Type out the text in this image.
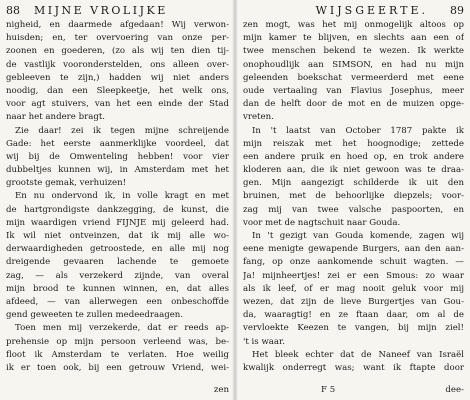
88	MIJNE VROLIJKE
nigheid, en daarmede afgedaan! Wij verwon-
huisden; en, ter overvoering van onze per-
zoonen en goederen, (zo als wij ten dien tij-
de vastlijk vooronderstelden, ons alleen over-
gebleeven te zijn,) hadden wij niet anders
noodig, dan een Sleepkeetje, het welk ons,
voor agt stuivers, van het een einde der Stad
naar het andere bragt.
Zie daar! zei ik tegen mijne schreijende
Gade: het eerste aanmerklijke voordeel, dat
wij bij de Omwenteling hebben! voor vier
dubbeltjes kunnen wij, in Amsterdam met het
grootste gemak, verhuizen!
En nu ondervond ik, in volle kragt en met
de hartgrondigste dankzegging, de kunst, die
mijn waardigen vriend FIJNJE mij geleerd had.
Ik wil niet ontveinzen, dat ik mij alle wo-
derwaardigheden getroostede, en alle mij nog
dreigende gevaaren lachende te gemoete
zag, — als verzekerd zijnde, van overal
mijn brood te kunnen winnen, en, dat alles
afdeed, — van allerwegen een onbeschoffde
gend geweeten te zullen medeedraagen.
Toen men mij verzekerde, dat er reeds ap-
prehensie op mijn persoon verleend was, be-
floot ik Amsterdam te verlaten. Hoe weilig
ik er toen ook, bij een getrouw Vriend, wei-
zen
WIJSGEERTE.	89
zen mogt, was het mij onmogelijk altoos op
mijn kamer te blijven, en slechts aan een of
twee menschen bekend te wezen. Ik werkte
onophoudlijk aan SIMSON, en had nu mijn
geleenden boekschat vermeerderd met eene
oude vertaaling van Flavius Josephus, meer
dan de helft door de mot en de muizen opge-
vreten.
In 't laatst van October 1787 pakte ik
mijn reiszak met het hoognodige; zettede
een andere pruik en hoed op, en trok andere
kloderen aan, die ik niet gewoon was te draa-
gen. Mijn aangezigt schilderde ik uit den
bruinen, met de behoorlijke diepzels; voor-
zag mij van twee valsche paspoorten, en
voor met de nagtschuit naar Gouda.
In 't gezigt van Gouda komende, zagen wij
eene menigte gewapende Burgers, aan den aan-
fang, op onze aankomende schuit wagten. —
Ja! mijnheertjes! zei er een Smous: zo waar
als ik leef, of er mag nooit geluk voor mij
wezen, dat zijn de lieve Burgertjes van Gou-
da, waaragtig! en ze ftaan daar, om al de
vervloekte Keezen te vangen, bij mijn ziel!
't is waar.
Het bleek echter dat de Naneef van Israël
kwalijk onderregt was; want ik ftapte door
F 5	dee-
